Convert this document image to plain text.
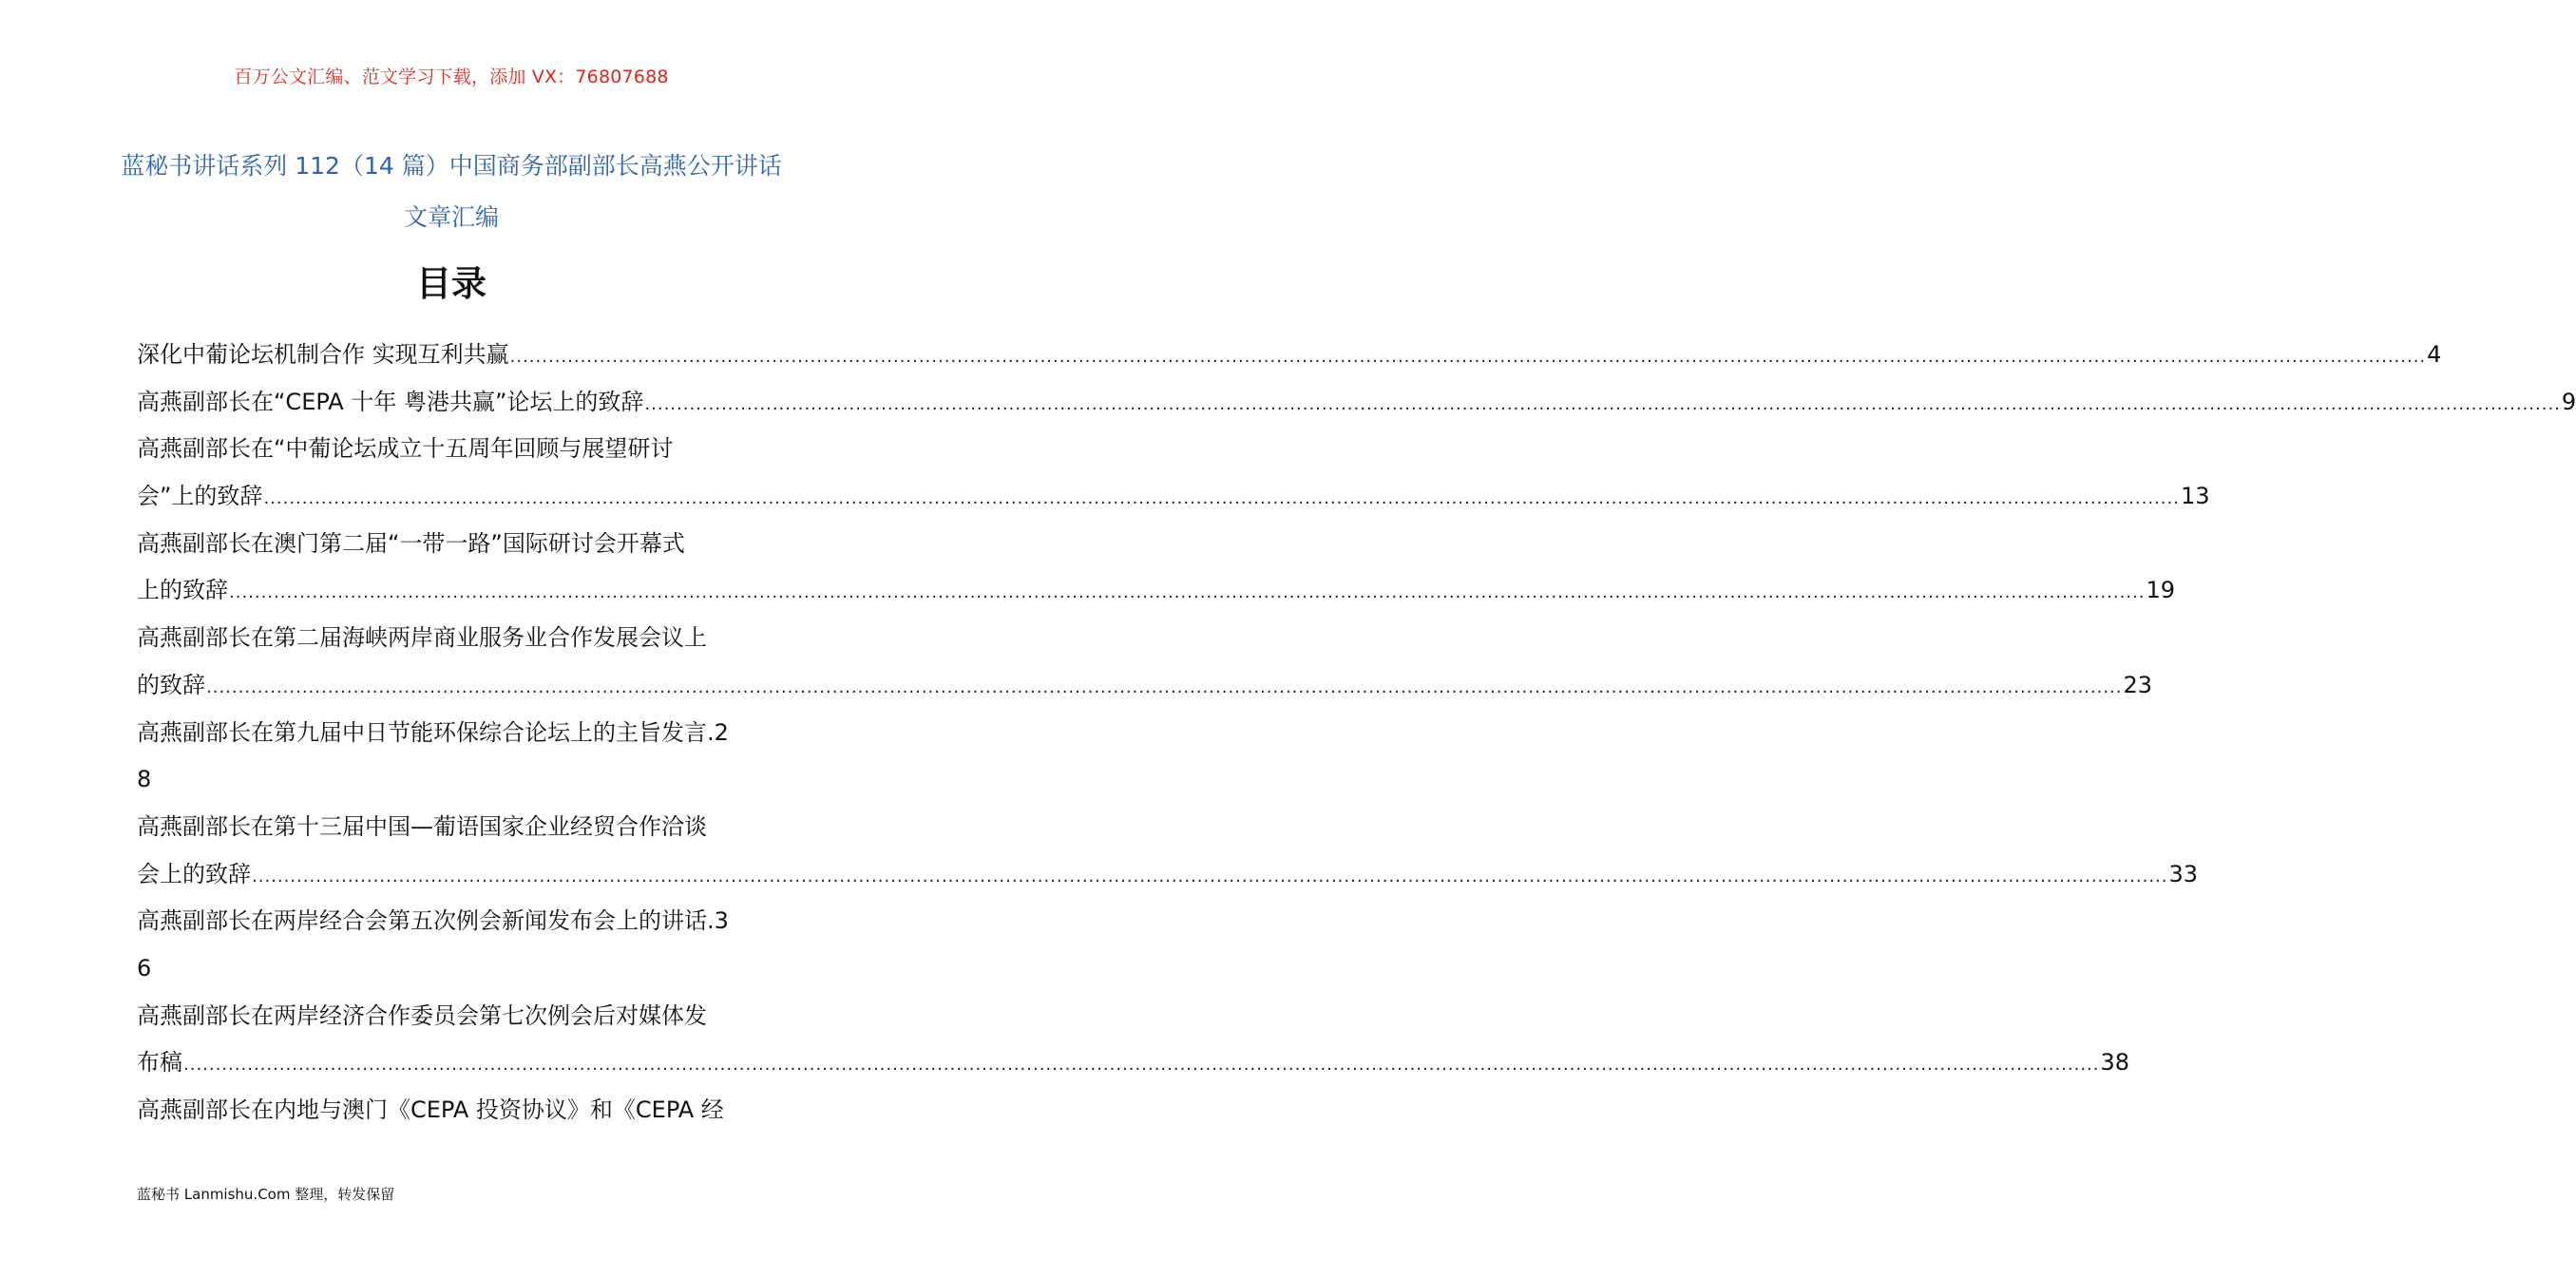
百万公文汇编、范文学习下载，添加 VX：76807688
蓝秘书讲话系列 112（14 篇）中国商务部副部长高燕公开讲话文章汇编
目录
深化中葡论坛机制合作 实现互利共赢 ............................................................................................................................................................................................................................................................................................................ 4
高燕副部长在“CEPA 十年 粤港共赢”论坛上的致辞 ............................................................................................................................................................................................................................................................................................................ 9
高燕副部长在“中葡论坛成立十五周年回顾与展望研讨
会”上的致辞 ............................................................................................................................................................................................................................................................................................................ 13
高燕副部长在澳门第二届“一带一路”国际研讨会开幕式
上的致辞 ............................................................................................................................................................................................................................................................................................................ 19
高燕副部长在第二届海峡两岸商业服务业合作发展会议上
的致辞 ............................................................................................................................................................................................................................................................................................................ 23
高燕副部长在第九届中日节能环保综合论坛上的主旨发言.2
8
高燕副部长在第十三届中国—葡语国家企业经贸合作洽谈
会上的致辞 ............................................................................................................................................................................................................................................................................................................ 33
高燕副部长在两岸经合会第五次例会新闻发布会上的讲话.3
6
高燕副部长在两岸经济合作委员会第七次例会后对媒体发
布稿 ............................................................................................................................................................................................................................................................................................................ 38
高燕副部长在内地与澳门《CEPA 投资协议》和《CEPA 经
蓝秘书 Lanmishu.Com 整理，转发保留
